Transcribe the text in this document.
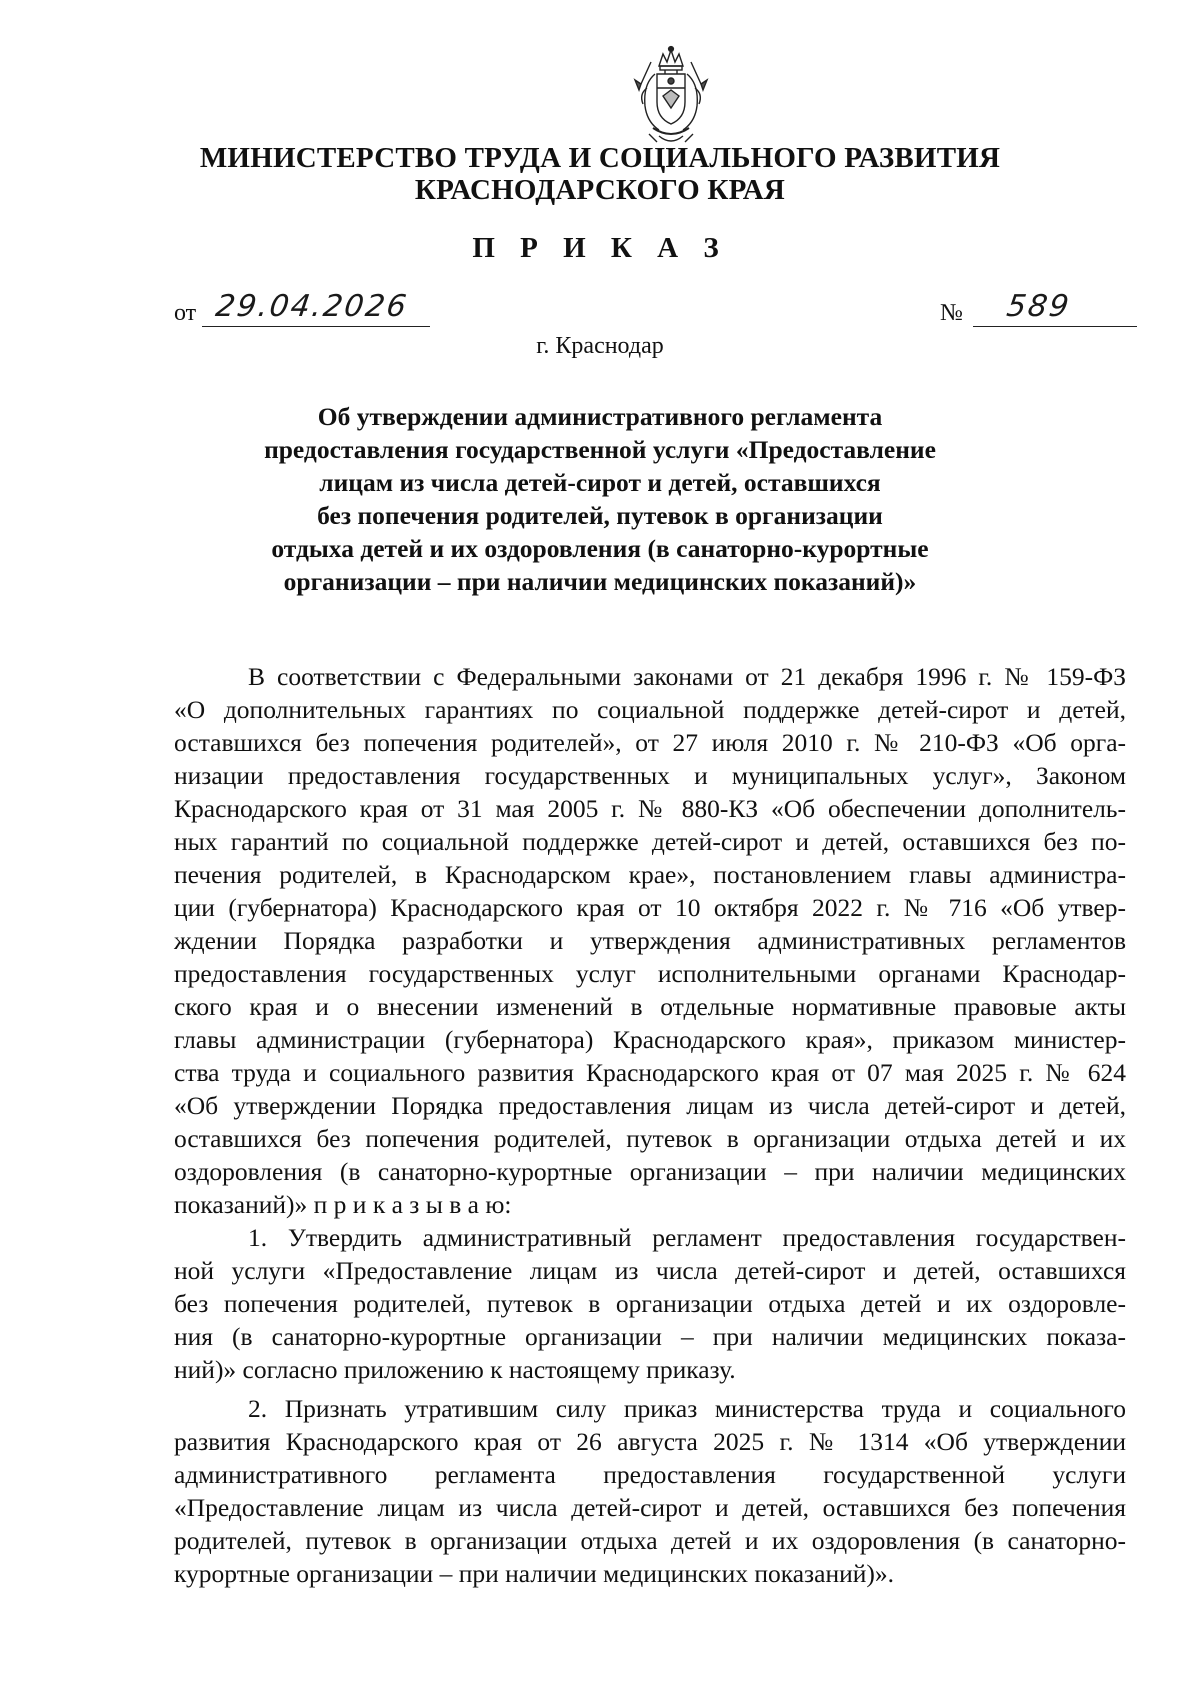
МИНИСТЕРСТВО ТРУДА И СОЦИАЛЬНОГО РАЗВИТИЯ
КРАСНОДАРСКОГО КРАЯ
П Р И К А З
от 29.04.2026	№ 589
г. Краснодар
Об утверждении административного регламента
предоставления государственной услуги «Предоставление
лицам из числа детей-сирот и детей, оставшихся
без попечения родителей, путевок в организации
отдыха детей и их оздоровления (в санаторно-курортные
организации – при наличии медицинских показаний)»
В соответствии с Федеральными законами от 21 декабря 1996 г. № 159-ФЗ
«О дополнительных гарантиях по социальной поддержке детей-сирот и детей,
оставшихся без попечения родителей», от 27 июля 2010 г. № 210-ФЗ «Об орга-
низации предоставления государственных и муниципальных услуг», Законом
Краснодарского края от 31 мая 2005 г. № 880-КЗ «Об обеспечении дополнитель-
ных гарантий по социальной поддержке детей-сирот и детей, оставшихся без по-
печения родителей, в Краснодарском крае», постановлением главы администра-
ции (губернатора) Краснодарского края от 10 октября 2022 г. № 716 «Об утвер-
ждении Порядка разработки и утверждения административных регламентов
предоставления государственных услуг исполнительными органами Краснодар-
ского края и о внесении изменений в отдельные нормативные правовые акты
главы администрации (губернатора) Краснодарского края», приказом министер-
ства труда и социального развития Краснодарского края от 07 мая 2025 г. № 624
«Об утверждении Порядка предоставления лицам из числа детей-сирот и детей,
оставшихся без попечения родителей, путевок в организации отдыха детей и их
оздоровления (в санаторно-курортные организации – при наличии медицинских
показаний)» п р и к а з ы в а ю:
1. Утвердить административный регламент предоставления государствен-
ной услуги «Предоставление лицам из числа детей-сирот и детей, оставшихся
без попечения родителей, путевок в организации отдыха детей и их оздоровле-
ния (в санаторно-курортные организации – при наличии медицинских показа-
ний)» согласно приложению к настоящему приказу.
2. Признать утратившим силу приказ министерства труда и социального
развития Краснодарского края от 26 августа 2025 г. № 1314 «Об утверждении
административного регламента предоставления государственной услуги
«Предоставление лицам из числа детей-сирот и детей, оставшихся без попечения
родителей, путевок в организации отдыха детей и их оздоровления (в санаторно-
курортные организации – при наличии медицинских показаний)».
